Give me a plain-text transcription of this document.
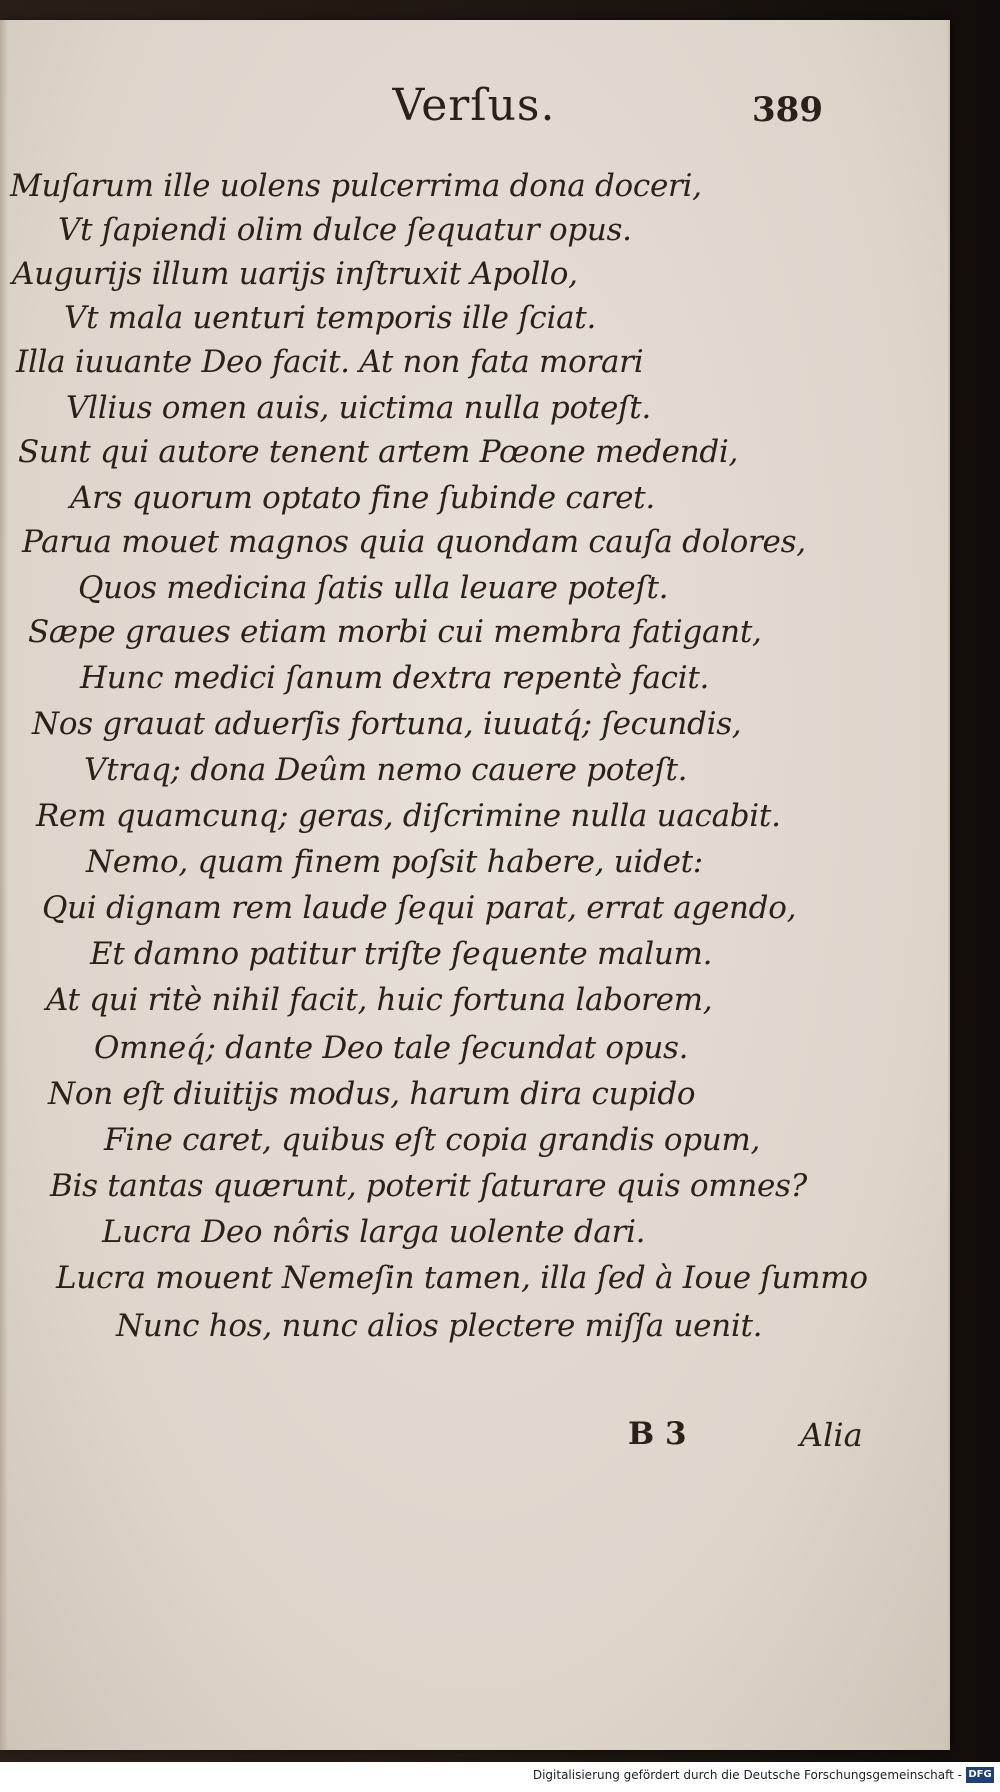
Verſus.	389
Muſarum ille uolens pulcerrima dona doceri,
Vt ſapiendi olim dulce ſequatur opus.
Augurijs illum uarijs inſtruxit Apollo,
Vt mala uenturi temporis ille ſciat.
Illa iuuante Deo facit. At non fata morari
Vllius omen auis, uictima nulla poteſt.
Sunt qui autore tenent artem Pœone medendi,
Ars quorum optato fine ſubinde caret.
Parua mouet magnos quia quondam cauſa dolores,
Quos medicina ſatis ulla leuare poteſt.
Sæpe graues etiam morbi cui membra fatigant,
Hunc medici ſanum dextra repentè facit.
Nos grauat aduerſis fortuna, iuuatq́; ſecundis,
Vtraq; dona Deûm nemo cauere poteſt.
Rem quamcunq; geras, diſcrimine nulla uacabit.
Nemo, quam finem poſsit habere, uidet:
Qui dignam rem laude ſequi parat, errat agendo,
Et damno patitur triſte ſequente malum.
At qui ritè nihil facit, huic fortuna laborem,
Omneq́; dante Deo tale ſecundat opus.
Non eſt diuitijs modus, harum dira cupido
Fine caret, quibus eſt copia grandis opum,
Bis tantas quærunt, poterit ſaturare quis omnes?
Lucra Deo nôris larga uolente dari.
Lucra mouent Nemeſin tamen, illa ſed à Ioue ſummo
Nunc hos, nunc alios plectere miſſa uenit.
B 3	Alia
Digitalisierung gefördert durch die Deutsche Forschungsgemeinschaft - DFG
